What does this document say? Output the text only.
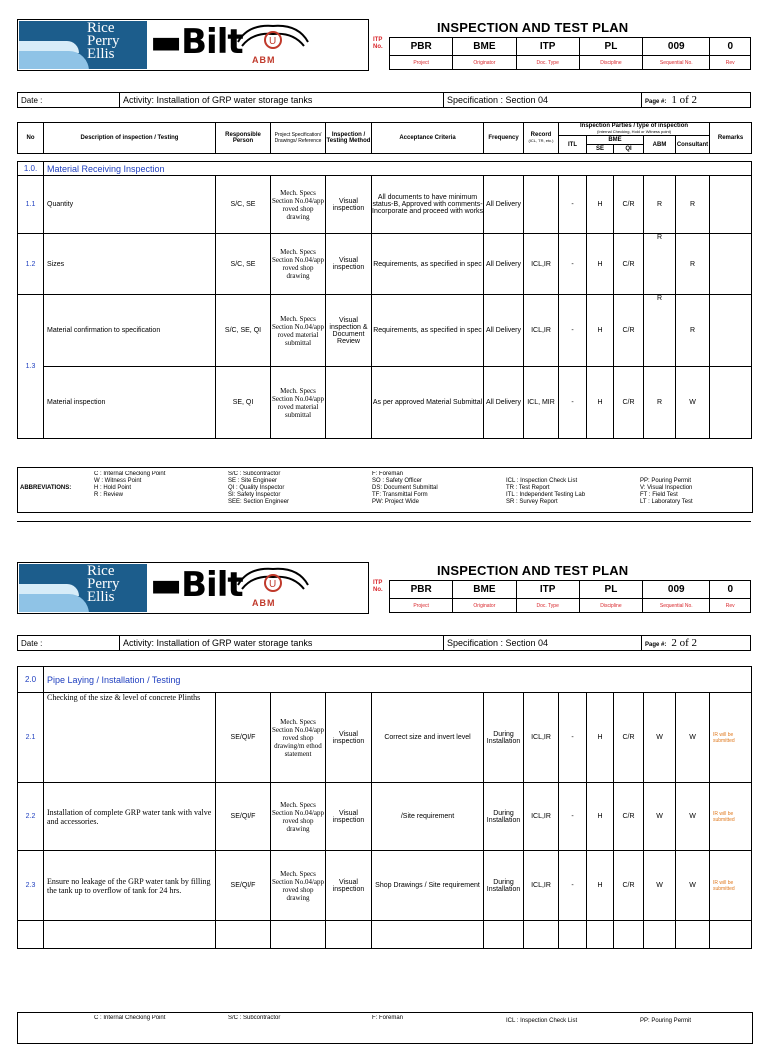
Rice
Perry
Ellis ▬Bilt	U
ABM
ITP
No.
INSPECTION AND TEST PLAN
PBR	BME	ITP	PL	009	0
Project	Originator	Doc. Type	Discipline	Sequential No.	Rev
Date :	Activity: Installation of GRP water storage tanks	Specification : Section 04	Page #: 1 of 2
No	Description of inspection / Testing	Responsible Person	Project Specification/ Drawings/ Reference	Inspection / Testing Method	Acceptance Criteria	Frequency	Record
(ICL, TR, etc.)	Inspection Parties / type of inspection
(Internal Checking, Hold or Witness point)					Remarks
								ITL	BME		ABM	Consultant	
									SE	QI			

1.0.	Material Receiving Inspection												
1.1	Quantity	S/C, SE	Mech. Specs Section No.04/app roved shop drawing	Visual inspection	All documents to have minimum status-B, Approved with comments-Incorporate and proceed with works	All Delivery		-	H	C/R	R	R	
1.2	Sizes	S/C, SE	Mech. Specs Section No.04/app roved shop drawing	Visual inspection	Requirements, as specified in spec	All Delivery	ICL,IR	-	H	C/R	R	R	
1.3	Material confirmation to specification	S/C, SE, QI	Mech. Specs Section No.04/app roved material submittal	Visual inspection & Document Review	Requirements, as specified in spec	All Delivery	ICL,IR	-	H	C/R	R	R	
	Material inspection	SE, QI	Mech. Specs Section No.04/app roved material submittal		As per approved Material Submittal	All Delivery	ICL, MIR	-	H	C/R	R	W	
ABBREVIATIONS:	
C : Internal Checking Point
W : Witness Point
H : Hold Point
R : Review

S/C : Subcontractor
SE : Site Engineer
QI : Quality Inspector
SI: Safety Inspector
SEE: Section Engineer

F: Foreman
SO : Safety Officer
DS: Document Submittal
TF: Transmittal Form
PW: Project Wide

ICL : Inspection Check List
TR : Test Report
ITL : Independent Testing Lab
SR : Survey Report

PP: Pouring Permit
V: Visual Inspection
FT : Field Test
LT : Laboratory Test
Rice
Perry
Ellis ▬Bilt	U
ABM
ITP
No.
INSPECTION AND TEST PLAN
PBR	BME	ITP	PL	009	0
Project	Originator	Doc. Type	Discipline	Sequential No.	Rev
Date :	Activity: Installation of GRP water storage tanks	Specification : Section 04	Page #: 2 of 2
2.0	Pipe Laying / Installation / Testing												
2.1	Checking of the size & level of concrete Plinths	SE/QI/F	Mech. Specs Section No.04/app roved shop drawing/m ethod statement	Visual inspection	Correct size and invert level	During Installation	ICL,IR	-	H	C/R	W	W	IR will be submitted
2.2	Installation of complete GRP water tank with valve and accessories.	SE/QI/F	Mech. Specs Section No.04/app roved shop drawing	Visual inspection	/Site requirement	During Installation	ICL,IR	-	H	C/R	W	W	IR will be submitted
2.3	Ensure no leakage of the GRP water tank by filling the tank up to overflow of tank for 24 hrs.	SE/QI/F	Mech. Specs Section No.04/app roved shop drawing	Visual inspection	Shop Drawings / Site requirement	During Installation	ICL,IR	-	H	C/R	W	W	IR will be submitted

C : Internal Checking Point	S/C : Subcontractor	F: Foreman	ICL : Inspection Check List	PP: Pouring Permit
